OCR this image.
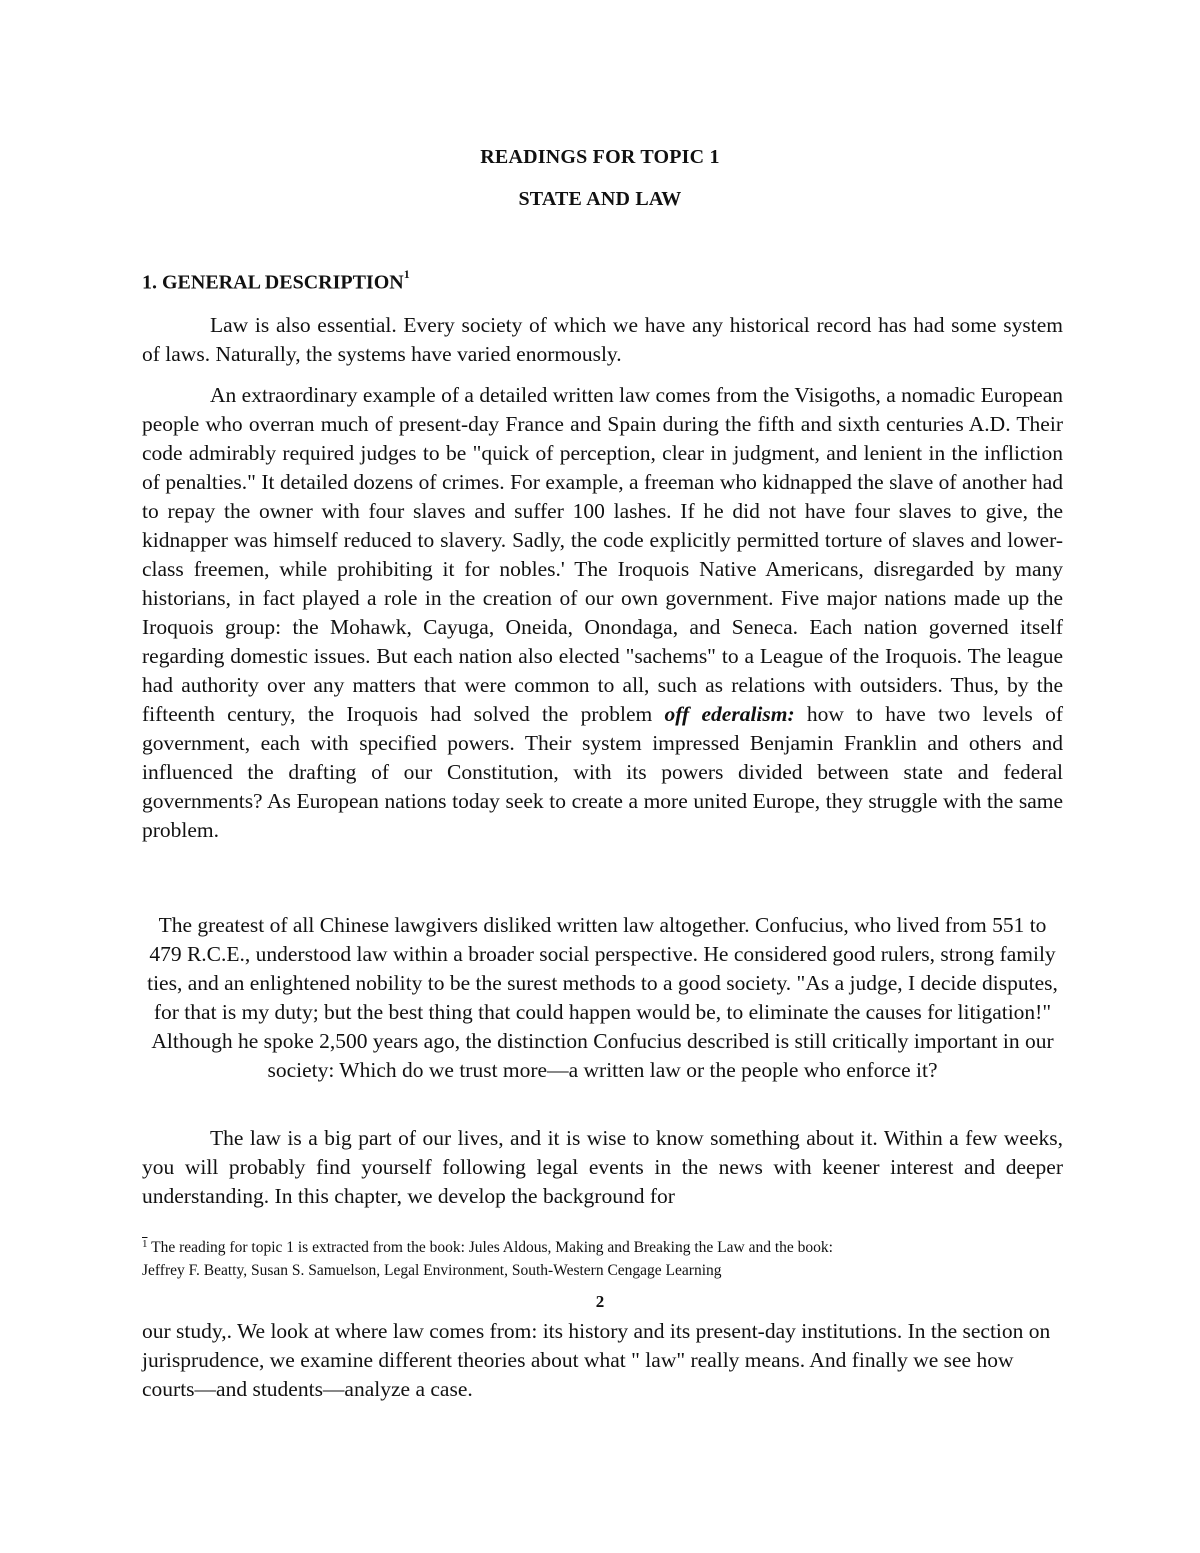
READINGS FOR TOPIC 1
STATE AND LAW
1. GENERAL DESCRIPTION$^1$

Law is also essential. Every society of which we have any historical record has had some system of laws. Naturally, the systems have varied enormously.

An extraordinary example of a detailed written law comes from the Visigoths, a nomadic European people who overran much of present-day France and Spain during the fifth and sixth centuries A.D. Their code admirably required judges to be "quick of perception, clear in judgment, and lenient in the infliction of penalties." It detailed dozens of crimes. For example, a freeman who kidnapped the slave of another had to repay the owner with four slaves and suffer 100 lashes. If he did not have four slaves to give, the kidnapper was himself reduced to slavery. Sadly, the code explicitly permitted torture of slaves and lower-class freemen, while prohibiting it for nobles.' The Iroquois Native Americans, disregarded by many historians, in fact played a role in the creation of our own government. Five major nations made up the Iroquois group: the Mohawk, Cayuga, Oneida, Onondaga, and Seneca. Each nation governed itself regarding domestic issues. But each nation also elected "sachems" to a League of the Iroquois. The league had authority over any matters that were common to all, such as relations with outsiders. Thus, by the fifteenth century, the Iroquois had solved the problem off ederalism: how to have two levels of government, each with specified powers. Their system impressed Benjamin Franklin and others and influenced the drafting of our Constitution, with its powers divided between state and federal governments? As European nations today seek to create a more united Europe, they struggle with the same problem.

The greatest of all Chinese lawgivers disliked written law altogether. Confucius, who lived from 551 to 479 R.C.E., understood law within a broader social perspective. He considered good rulers, strong family ties, and an enlightened nobility to be the surest methods to a good society. "As a judge, I decide disputes, for that is my duty; but the best thing that could happen would be, to eliminate the causes for litigation!" Although he spoke 2,500 years ago, the distinction Confucius described is still critically important in our society: Which do we trust more—a written law or the people who enforce it?

The law is a big part of our lives, and it is wise to know something about it. Within a few weeks, you will probably find yourself following legal events in the news with keener interest and deeper understanding. In this chapter, we develop the background for

$^1$ The reading for topic 1 is extracted from the book: Jules Aldous, Making and Breaking the Law and the book:
Jeffrey F. Beatty, Susan S. Samuelson, Legal Environment, South-Western Cengage Learning
2

our study,. We look at where law comes from: its history and its present-day institutions. In the section on jurisprudence, we examine different theories about what " law" really means. And finally we see how courts—and students—analyze a case.
